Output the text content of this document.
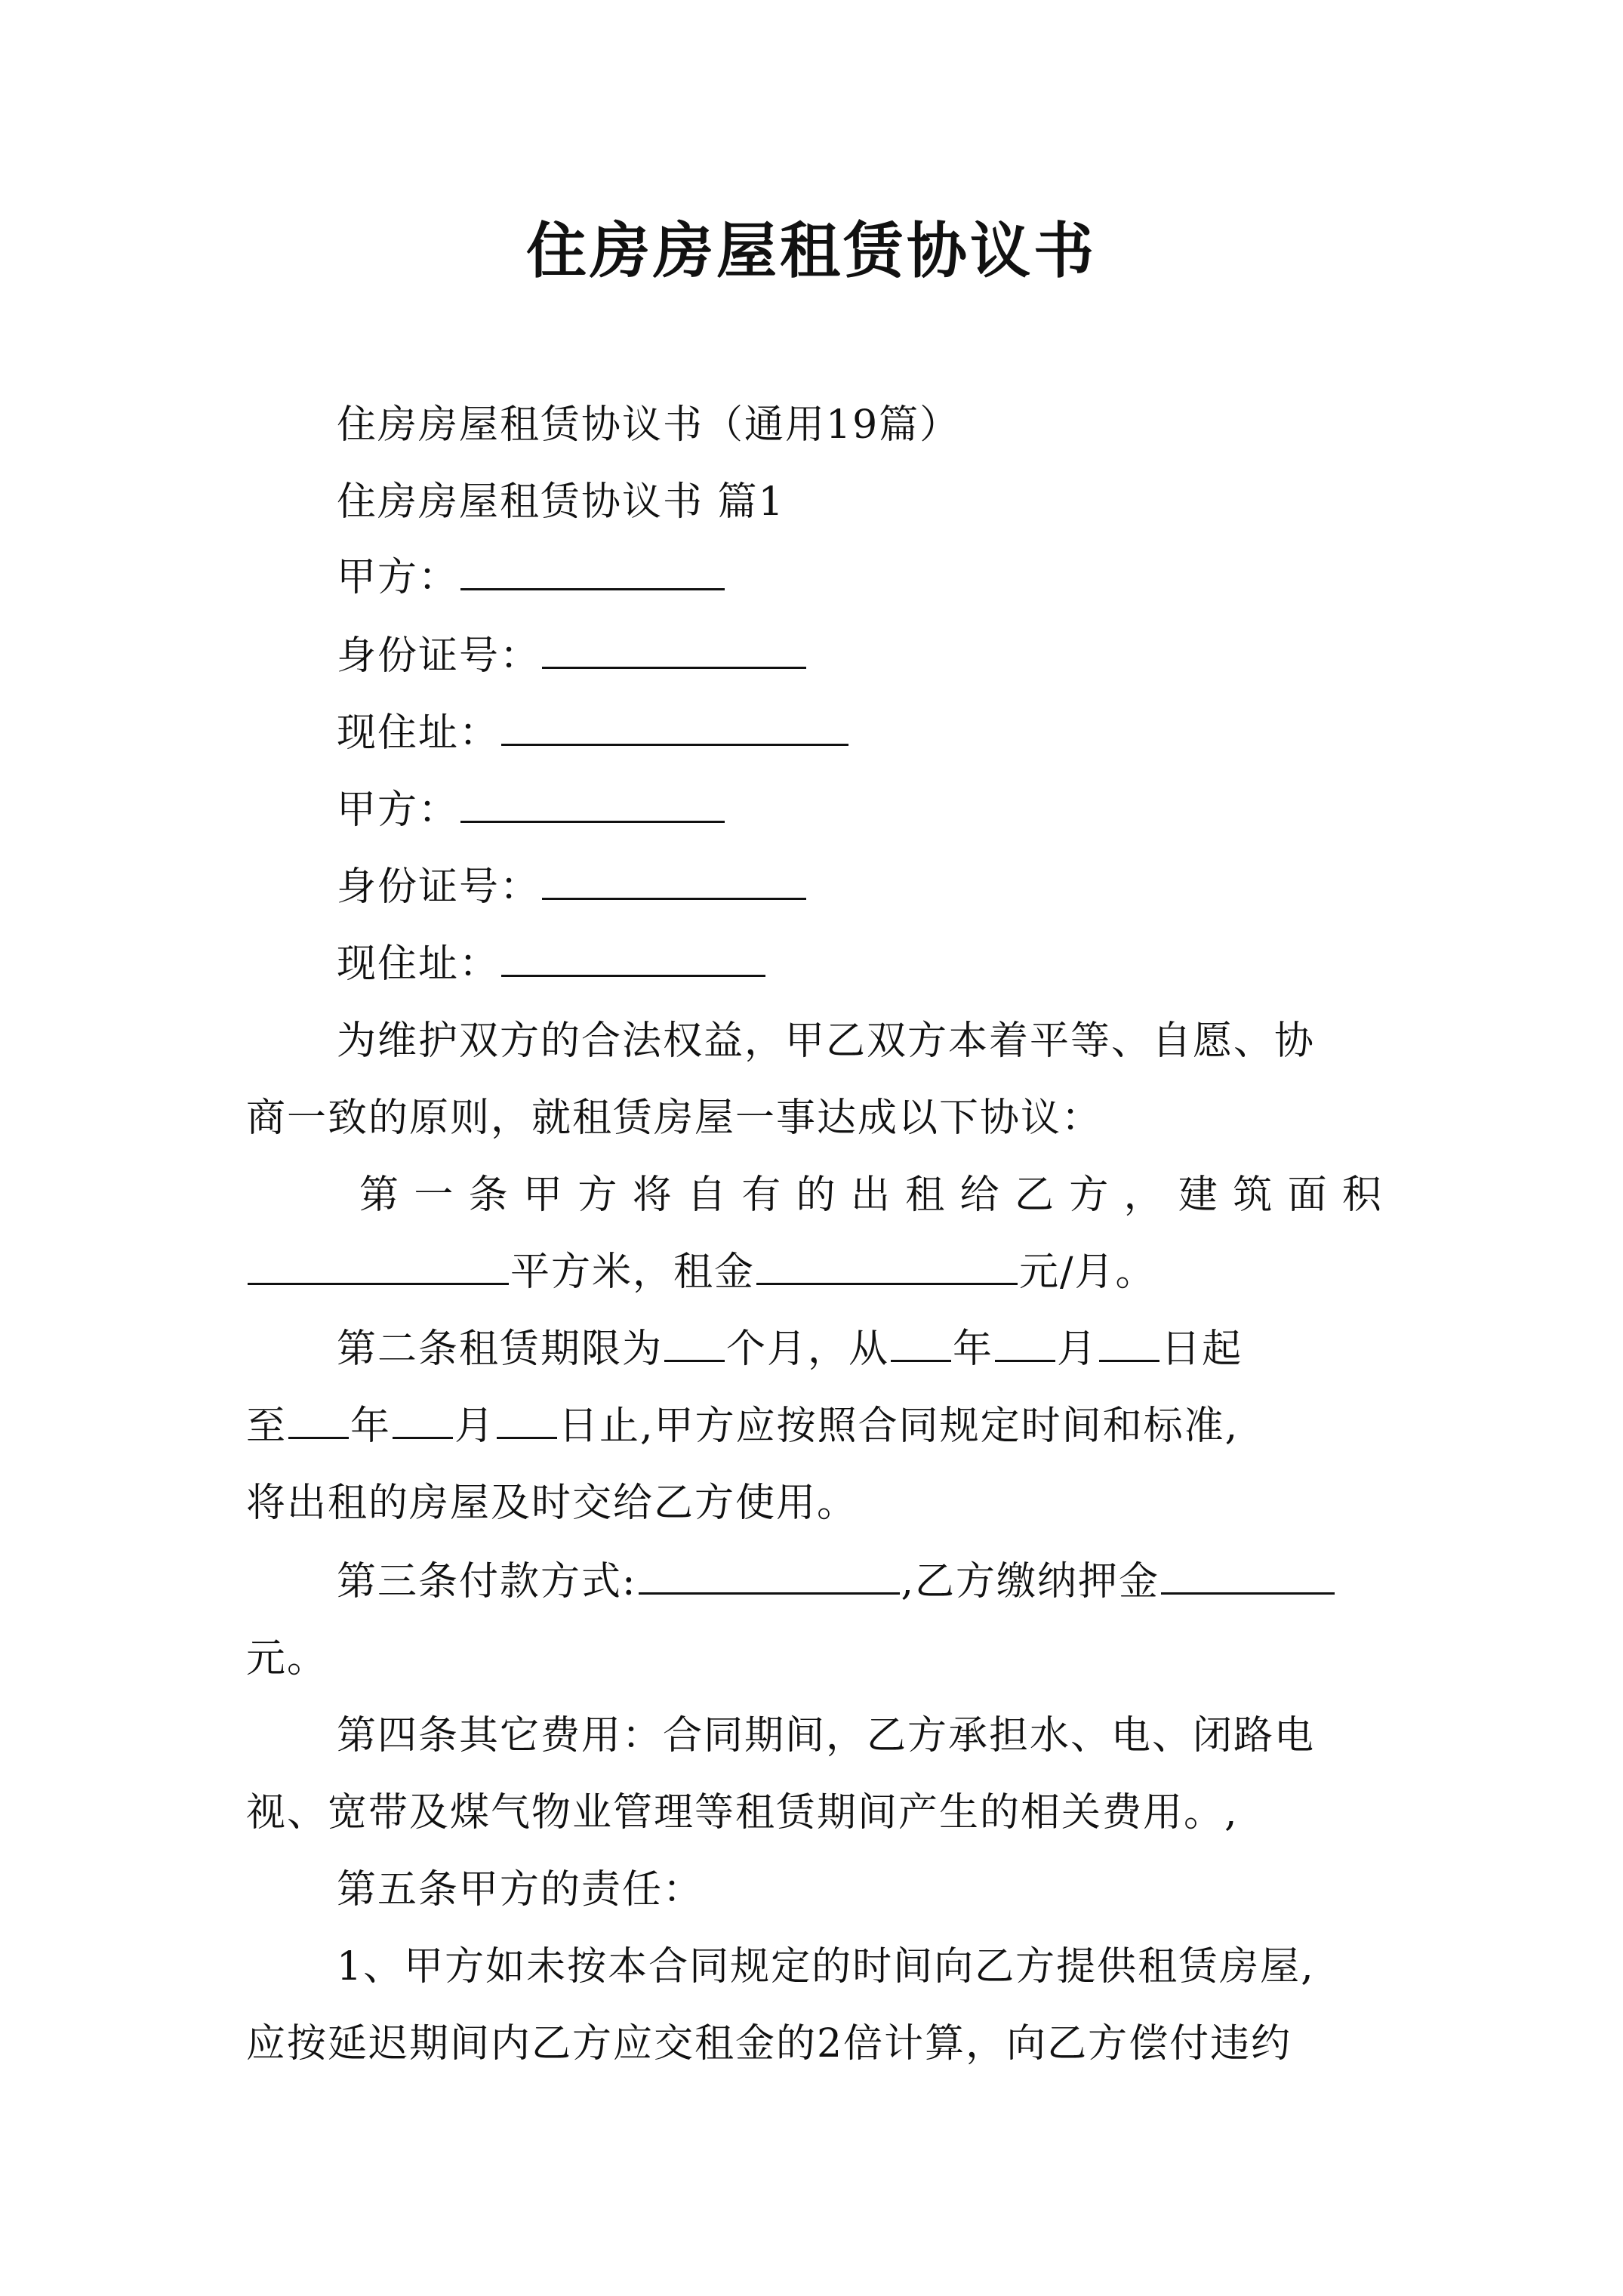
住房房屋租赁协议书
住房房屋租赁协议书（通用19篇）
住房房屋租赁协议书 篇1
甲方：
身份证号：
现住址：
甲方：
身份证号：
现住址：
为维护双方的合法权益，甲乙双方本着平等、自愿、协
商一致的原则，就租赁房屋一事达成以下协议：
第 一 条 甲 方 将 自 有 的 出 租 给 乙 方 ， 建 筑 面 积
平方米，租金	元/月。
第二条租赁期限为 个月，从 年 月 日起
至 年 月 日止,甲方应按照合同规定时间和标准,
将出租的房屋及时交给乙方使用。
第三条付款方式:	,乙方缴纳押金
元。
第四条其它费用：合同期间，乙方承担水、电、闭路电
视、宽带及煤气物业管理等租赁期间产生的相关费用。,
第五条甲方的责任：
1、甲方如未按本合同规定的时间向乙方提供租赁房屋,
应按延迟期间内乙方应交租金的2倍计算，向乙方偿付违约
